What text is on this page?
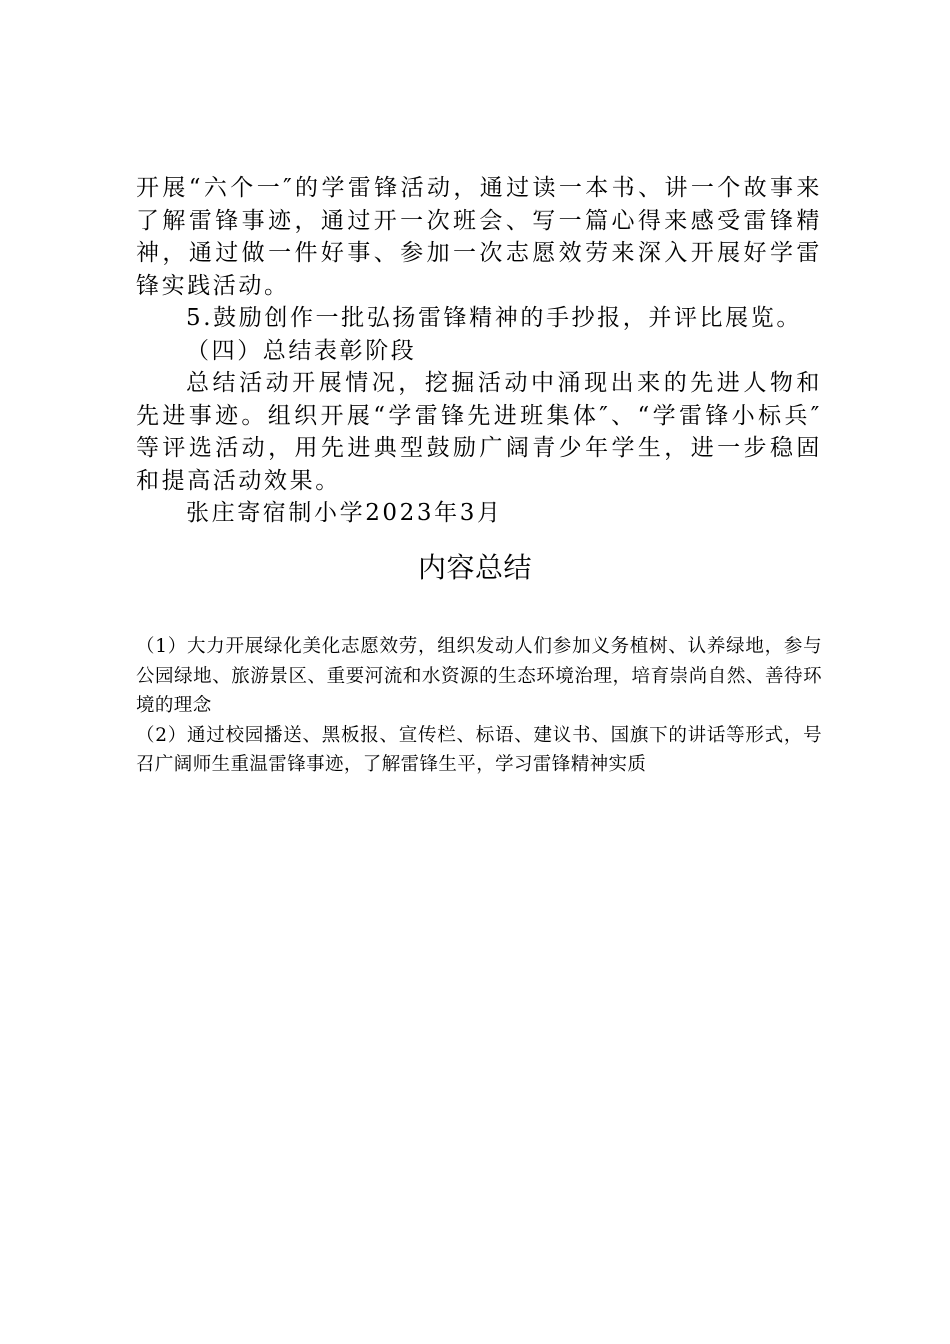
开展“六个一″的学雷锋活动，通过读一本书、讲一个故事来了解雷锋事迹，通过开一次班会、写一篇心得来感受雷锋精神，通过做一件好事、参加一次志愿效劳来深入开展好学雷锋实践活动。

5.鼓励创作一批弘扬雷锋精神的手抄报，并评比展览。

（四）总结表彰阶段

总结活动开展情况，挖掘活动中涌现出来的先进人物和先进事迹。组织开展“学雷锋先进班集体″、“学雷锋小标兵″等评选活动，用先进典型鼓励广阔青少年学生，进一步稳固和提高活动效果。

张庄寄宿制小学2023年3月

内容总结

（1）大力开展绿化美化志愿效劳，组织发动人们参加义务植树、认养绿地，参与公园绿地、旅游景区、重要河流和水资源的生态环境治理，培育崇尚自然、善待环境的理念

（2）通过校园播送、黑板报、宣传栏、标语、建议书、国旗下的讲话等形式，号召广阔师生重温雷锋事迹，了解雷锋生平，学习雷锋精神实质
